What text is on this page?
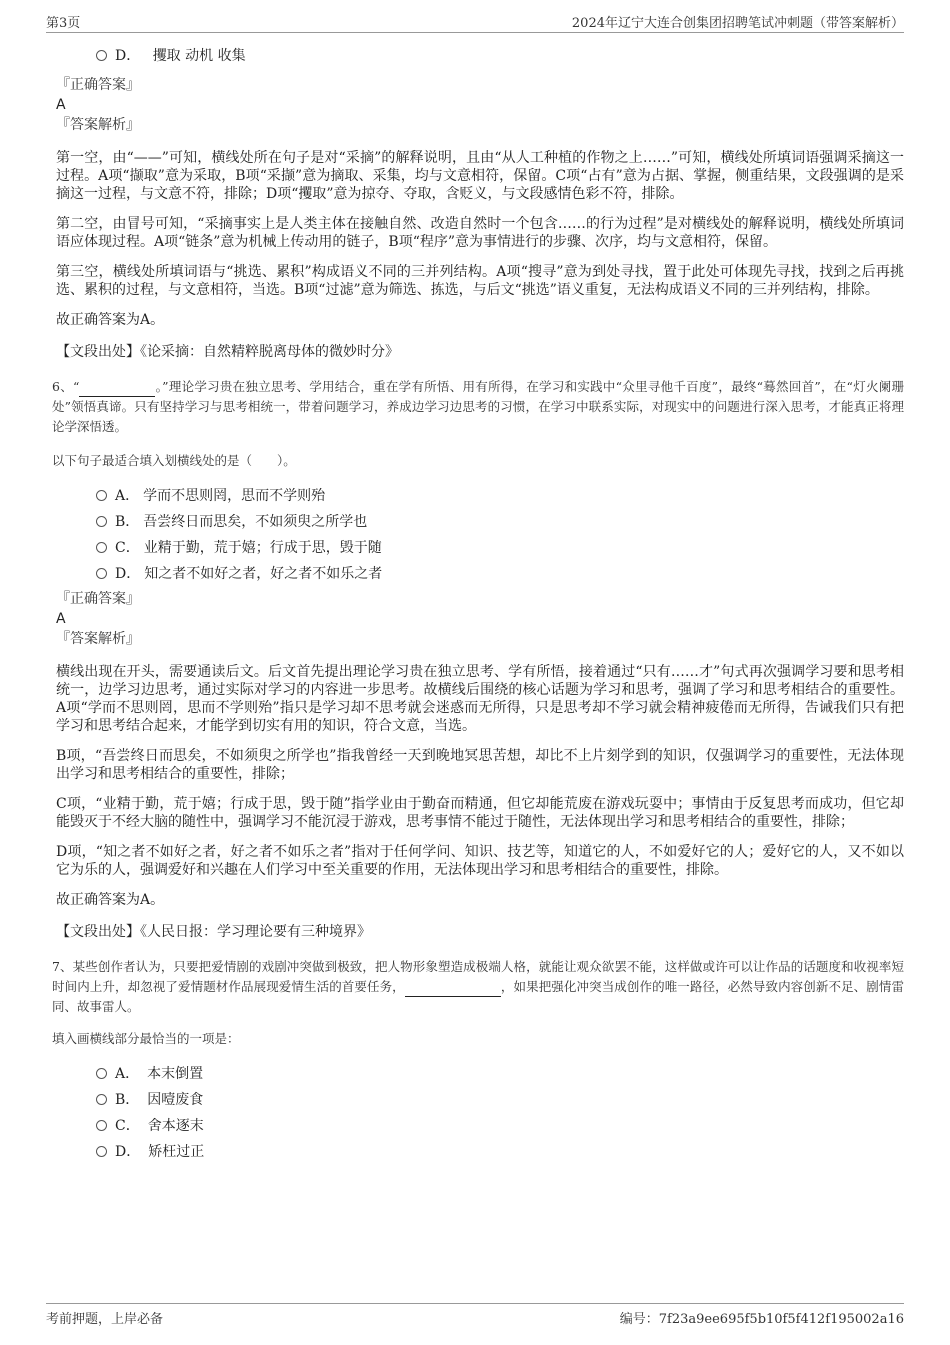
第3页	2024年辽宁大连合创集团招聘笔试冲刺题（带答案解析）
D． 攫取 动机 收集
『正确答案』
A
『答案解析』
第一空，由“——”可知，横线处所在句子是对“采摘”的解释说明，且由“从人工种植的作物之上……”可知，横线处所填词语强调采摘这一过程。A项“撷取”意为采取，B项“采撷”意为摘取、采集，均与文意相符，保留。C项“占有”意为占据、掌握，侧重结果，文段强调的是采摘这一过程，与文意不符，排除；D项“攫取”意为掠夺、夺取，含贬义，与文段感情色彩不符，排除。
第二空，由冒号可知，“采摘事实上是人类主体在接触自然、改造自然时一个包含……的行为过程”是对横线处的解释说明，横线处所填词语应体现过程。A项“链条”意为机械上传动用的链子，B项“程序”意为事情进行的步骤、次序，均与文意相符，保留。
第三空，横线处所填词语与“挑选、累积”构成语义不同的三并列结构。A项“搜寻”意为到处寻找，置于此处可体现先寻找，找到之后再挑选、累积的过程，与文意相符，当选。B项“过滤”意为筛选、拣选，与后文“挑选”语义重复，无法构成语义不同的三并列结构，排除。
故正确答案为A。
【文段出处】《论采摘：自然精粹脱离母体的微妙时分》
6、“	。”理论学习贵在独立思考、学用结合，重在学有所悟、用有所得，在学习和实践中“众里寻他千百度”，最终“蓦然回首”，在“灯火阑珊处”领悟真谛。只有坚持学习与思考相统一，带着问题学习，养成边学习边思考的习惯，在学习中联系实际，对现实中的问题进行深入思考，才能真正将理论学深悟透。
以下句子最适合填入划横线处的是（　　）。
A． 学而不思则罔，思而不学则殆
B． 吾尝终日而思矣，不如须臾之所学也
C． 业精于勤，荒于嬉；行成于思，毁于随
D． 知之者不如好之者，好之者不如乐之者
『正确答案』
A
『答案解析』
横线出现在开头，需要通读后文。后文首先提出理论学习贵在独立思考、学有所悟，接着通过“只有……才”句式再次强调学习要和思考相统一，边学习边思考，通过实际对学习的内容进一步思考。故横线后围绕的核心话题为学习和思考，强调了学习和思考相结合的重要性。A项“学而不思则罔，思而不学则殆”指只是学习却不思考就会迷惑而无所得，只是思考却不学习就会精神疲倦而无所得，告诫我们只有把学习和思考结合起来，才能学到切实有用的知识，符合文意，当选。
B项，“吾尝终日而思矣，不如须臾之所学也”指我曾经一天到晚地冥思苦想，却比不上片刻学到的知识，仅强调学习的重要性，无法体现出学习和思考相结合的重要性，排除；
C项，“业精于勤，荒于嬉；行成于思，毁于随”指学业由于勤奋而精通，但它却能荒废在游戏玩耍中；事情由于反复思考而成功，但它却能毁灭于不经大脑的随性中，强调学习不能沉浸于游戏，思考事情不能过于随性，无法体现出学习和思考相结合的重要性，排除；
D项，“知之者不如好之者，好之者不如乐之者”指对于任何学问、知识、技艺等，知道它的人，不如爱好它的人；爱好它的人，又不如以它为乐的人，强调爱好和兴趣在人们学习中至关重要的作用，无法体现出学习和思考相结合的重要性，排除。
故正确答案为A。
【文段出处】《人民日报：学习理论要有三种境界》
7、某些创作者认为，只要把爱情剧的戏剧冲突做到极致，把人物形象塑造成极端人格，就能让观众欲罢不能，这样做或许可以让作品的话题度和收视率短时间内上升，却忽视了爱情题材作品展现爱情生活的首要任务，	，如果把强化冲突当成创作的唯一路径，必然导致内容创新不足、剧情雷同、故事雷人。
填入画横线部分最恰当的一项是：
A． 本末倒置
B． 因噎废食
C． 舍本逐末
D． 矫枉过正
考前押题，上岸必备	编号：7f23a9ee695f5b10f5f412f195002a16
